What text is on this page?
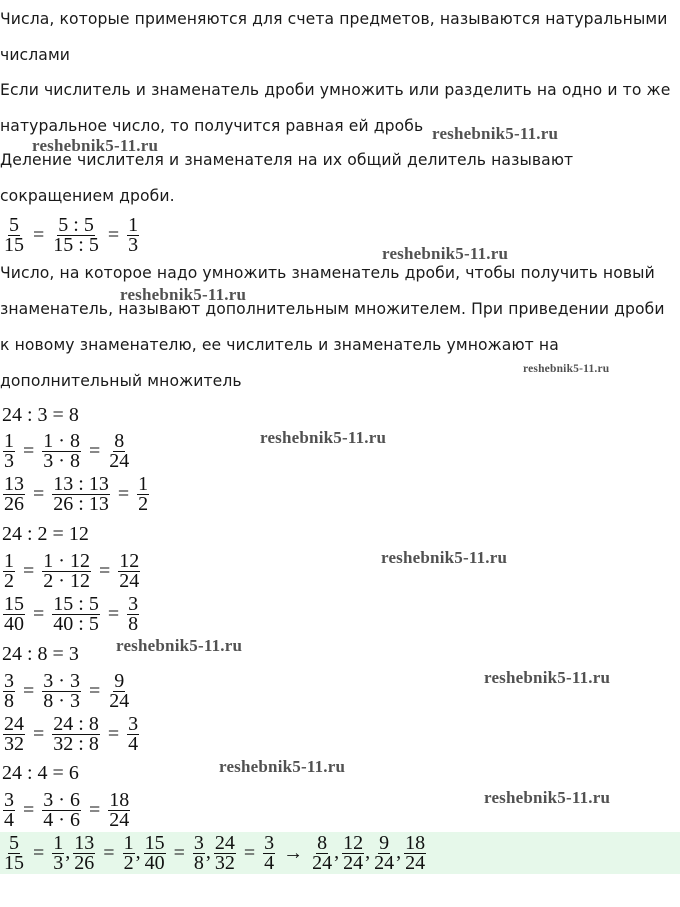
Числа, которые применяются для счета предметов, называются натуральными
числами
Если числитель и знаменатель дроби умножить или разделить на одно и то же
натуральное число, то получится равная ей дробь
Деление числителя и знаменателя на их общий делитель называют
сокращением дроби.
$\frac{5}{15} = \frac{5 : 5}{15 : 5} = \frac{1}{3}$
Число, на которое надо умножить знаменатель дроби, чтобы получить новый
знаменатель, называют дополнительным множителем. При приведении дроби
к новому знаменателю, ее числитель и знаменатель умножают на
дополнительный множитель
24 : 3 = 8
$\frac{1}{3} = \frac{1 \cdot 8}{3 \cdot 8} = \frac{8}{24}$
$\frac{13}{26} = \frac{13 : 13}{26 : 13} = \frac{1}{2}$
24 : 2 = 12
$\frac{1}{2} = \frac{1 \cdot 12}{2 \cdot 12} = \frac{12}{24}$
$\frac{15}{40} = \frac{15 : 5}{40 : 5} = \frac{3}{8}$
24 : 8 = 3
$\frac{3}{8} = \frac{3 \cdot 3}{8 \cdot 3} = \frac{9}{24}$
$\frac{24}{32} = \frac{24 : 8}{32 : 8} = \frac{3}{4}$
24 : 4 = 6
$\frac{3}{4} = \frac{3 \cdot 6}{4 \cdot 6} = \frac{18}{24}$
$\frac{5}{15} = \frac{1}{3}$ , $\frac{13}{26} = \frac{1}{2}$ , $\frac{15}{40} = \frac{3}{8}$ , $\frac{24}{32} = \frac{3}{4} \to \frac{8}{24}$ , $\frac{12}{24}$ , $\frac{9}{24}$ , $\frac{18}{24}$
reshebnik5-11.ru
reshebnik5-11.ru
reshebnik5-11.ru
reshebnik5-11.ru
reshebnik5-11.ru
reshebnik5-11.ru
reshebnik5-11.ru
reshebnik5-11.ru
reshebnik5-11.ru
reshebnik5-11.ru
reshebnik5-11.ru
